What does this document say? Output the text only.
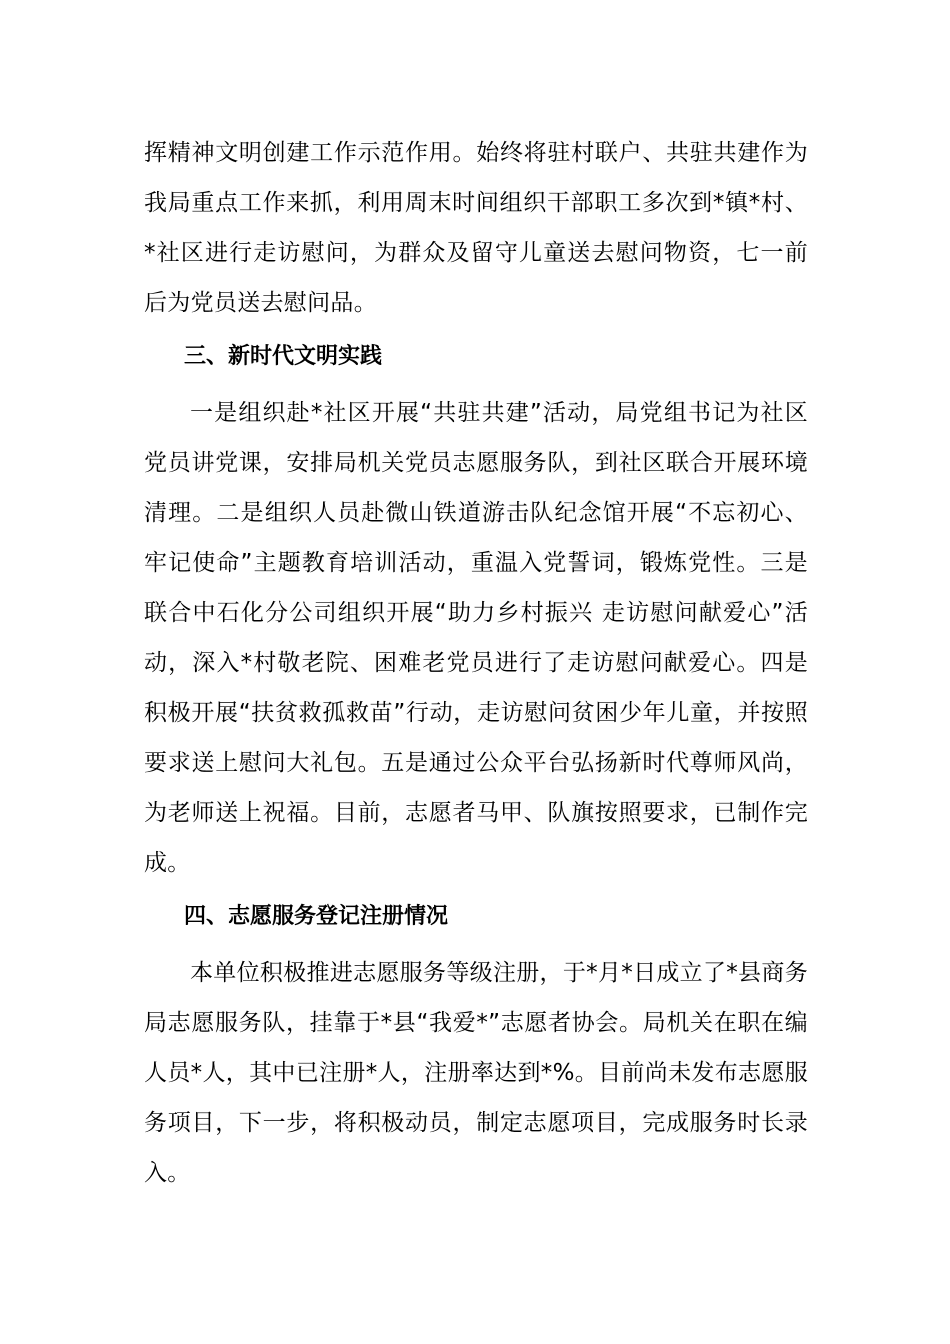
挥精神文明创建工作示范作用。始终将驻村联户、共驻共建作为我局重点工作来抓，利用周末时间组织干部职工多次到*镇*村、*社区进行走访慰问，为群众及留守儿童送去慰问物资，七一前后为党员送去慰问品。

三、新时代文明实践

一是组织赴*社区开展“共驻共建”活动，局党组书记为社区党员讲党课，安排局机关党员志愿服务队，到社区联合开展环境清理。二是组织人员赴微山铁道游击队纪念馆开展“不忘初心、牢记使命”主题教育培训活动，重温入党誓词，锻炼党性。三是联合中石化分公司组织开展“助力乡村振兴 走访慰问献爱心”活动，深入*村敬老院、困难老党员进行了走访慰问献爱心。四是积极开展“扶贫救孤救苗”行动，走访慰问贫困少年儿童，并按照要求送上慰问大礼包。五是通过公众平台弘扬新时代尊师风尚，为老师送上祝福。目前，志愿者马甲、队旗按照要求，已制作完成。

四、志愿服务登记注册情况

本单位积极推进志愿服务等级注册，于*月*日成立了*县商务局志愿服务队，挂靠于*县“我爱*”志愿者协会。局机关在职在编人员*人，其中已注册*人，注册率达到*%。目前尚未发布志愿服务项目，下一步，将积极动员，制定志愿项目，完成服务时长录入。
